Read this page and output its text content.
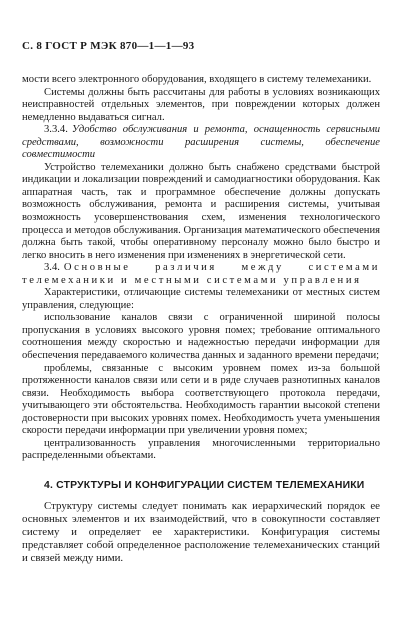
С. 8 ГОСТ Р МЭК 870—1—1—93

мости всего электронного оборудования, входящего в систему телемеханики.

Системы должны быть рассчитаны для работы в условиях возникающих неисправностей отдельных элементов, при повреждении которых должен немедленно выдаваться сигнал.

3.3.4. Удобство обслуживания и ремонта, оснащенность сервисными средствами, возможности расширения системы, обеспечение совместимости

Устройство телемеханики должно быть снабжено средствами быстрой индикации и локализации повреждений и самодиагностики оборудования. Как аппаратная часть, так и программное обеспечение должны допускать возможность обслуживания, ремонта и расширения системы, учитывая возможность усовершенствования схем, изменения технологического процесса и методов обслуживания. Организация математического обеспечения должна быть такой, чтобы оперативному персоналу можно было быстро и легко вносить в него изменения при изменениях в энергетической сети.

3.4. Основные различия между системами телемеханики и местными системами управления

Характеристики, отличающие системы телемеханики от местных систем управления, следующие:

использование каналов связи с ограниченной шириной полосы пропускания в условиях высокого уровня помех; требование оптимального соотношения между скоростью и надежностью передачи информации для обеспечения передаваемого количества данных и заданного времени передачи;

проблемы, связанные с высоким уровнем помех из-за большой протяженности каналов связи или сети и в ряде случаев разнотипных каналов связи. Необходимость выбора соответствующего протокола передачи, учитывающего эти обстоятельства. Необходимость гарантии высокой степени достоверности при высоких уровнях помех. Необходимость учета уменьшения скорости передачи информации при увеличении уровня помех;

централизованность управления многочисленными территориально распределенными объектами.

4. СТРУКТУРЫ И КОНФИГУРАЦИИ СИСТЕМ ТЕЛЕМЕХАНИКИ

Структуру системы следует понимать как иерархический порядок ее основных элементов и их взаимодействий, что в совокупности составляет систему и определяет ее характеристики. Конфигурация системы представляет собой определенное расположение телемеханических станций и связей между ними.
